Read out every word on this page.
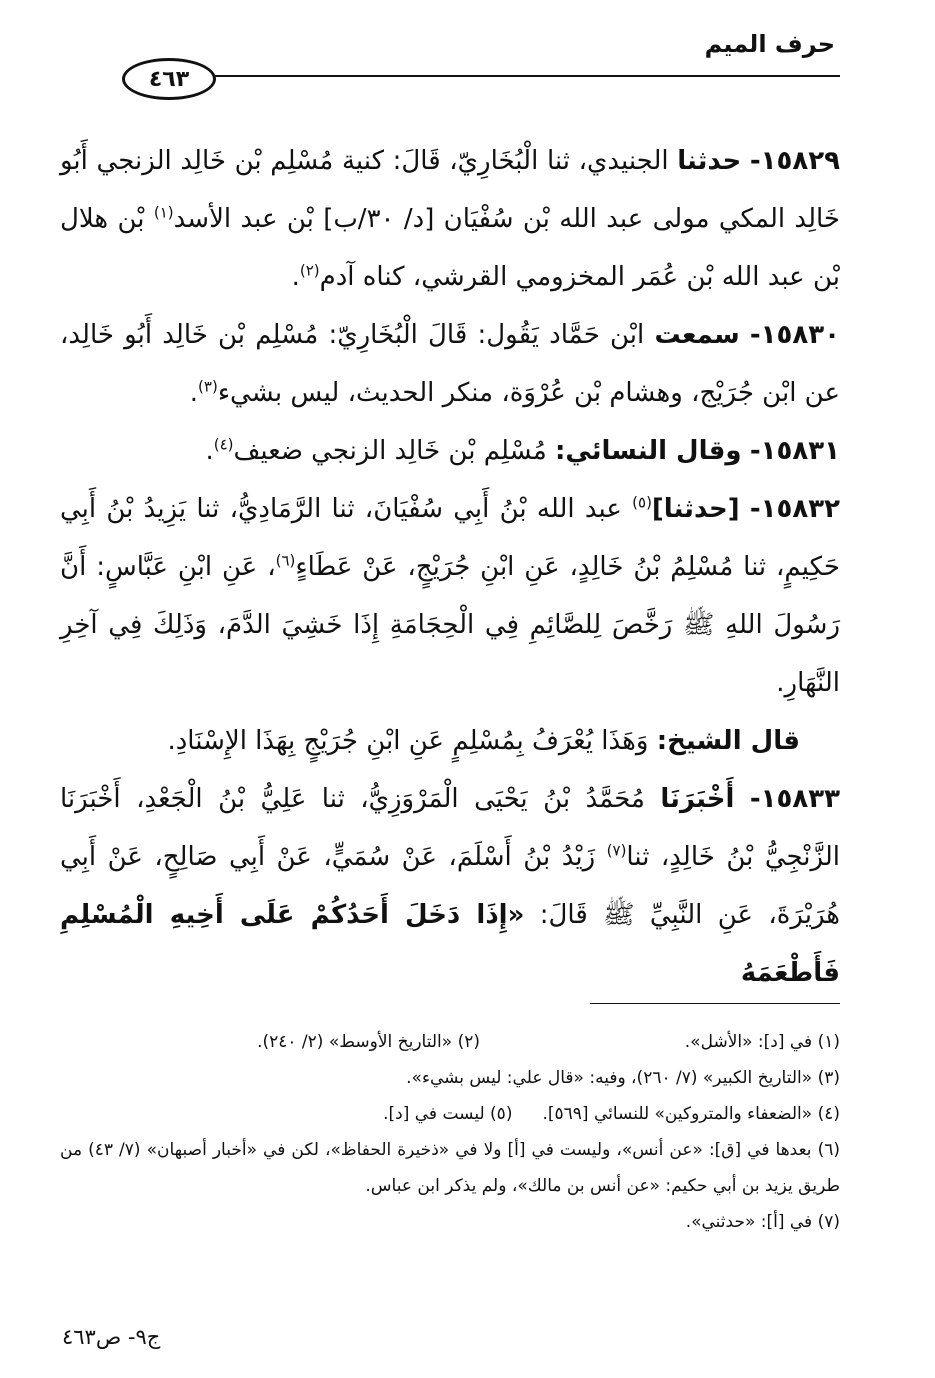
حرف الميم
٤٦٣

١٥٨٢٩- حدثنا الجنيدي، ثنا الْبُخَارِيّ، قَالَ: كنية مُسْلِم بْن خَالِد الزنجي أَبُو خَالِد المكي مولى عبد الله بْن سُفْيَان [د/ ٣٠/ب] بْن عبد الأسد$^{(١)}$ بْن هلال بْن عبد الله بْن عُمَر المخزومي القرشي، كناه آدم$^{(٢)}$.

١٥٨٣٠- سمعت ابْن حَمَّاد يَقُول: قَالَ الْبُخَارِيّ: مُسْلِم بْن خَالِد أَبُو خَالِد، عن ابْن جُرَيْج، وهشام بْن عُرْوَة، منكر الحديث، ليس بشيء$^{(٣)}$.

١٥٨٣١- وقال النسائي: مُسْلِم بْن خَالِد الزنجي ضعيف$^{(٤)}$.

١٥٨٣٢- [حدثنا]$^{(٥)}$ عبد الله بْنُ أَبِي سُفْيَانَ، ثنا الرَّمَادِيُّ، ثنا يَزِيدُ بْنُ أَبِي حَكِيمٍ، ثنا مُسْلِمُ بْنُ خَالِدٍ، عَنِ ابْنِ جُرَيْجٍ، عَنْ عَطَاءٍ$^{(٦)}$، عَنِ ابْنِ عَبَّاسٍ: أَنَّ رَسُولَ اللهِ ﷺ رَخَّصَ لِلصَّائِمِ فِي الْحِجَامَةِ إِذَا خَشِيَ الدَّمَ، وَذَلِكَ فِي آخِرِ النَّهَارِ.

قال الشيخ: وَهَذَا يُعْرَفُ بِمُسْلِمٍ عَنِ ابْنِ جُرَيْجٍ بِهَذَا الإِسْنَادِ.

١٥٨٣٣- أَخْبَرَنَا مُحَمَّدُ بْنُ يَحْيَى الْمَرْوَزِيُّ، ثنا عَلِيُّ بْنُ الْجَعْدِ، أَخْبَرَنَا الزَّنْجِيُّ بْنُ خَالِدٍ، ثنا$^{(٧)}$ زَيْدُ بْنُ أَسْلَمَ، عَنْ سُمَيٍّ، عَنْ أَبِي صَالِحٍ، عَنْ أَبِي هُرَيْرَةَ، عَنِ النَّبِيِّ ﷺ قَالَ: «إِذَا دَخَلَ أَحَدُكُمْ عَلَى أَخِيهِ الْمُسْلِمِ فَأَطْعَمَهُ

(١) في [د]: «الأشل».
(٢) «التاريخ الأوسط» (٢/ ٢٤٠).
(٣) «التاريخ الكبير» (٧/ ٢٦٠)، وفيه: «قال علي: ليس بشيء».
(٤) «الضعفاء والمتروكين» للنسائي [٥٦٩].
(٥) ليست في [د].
(٦) بعدها في [ق]: «عن أنس»، وليست في [أ] ولا في «ذخيرة الحفاظ»، لكن في «أخبار أصبهان» (٧/ ٤٣) من طريق يزيد بن أبي حكيم: «عن أنس بن مالك»، ولم يذكر ابن عباس.
(٧) في [أ]: «حدثني».
ج٩- ص٤٦٣
